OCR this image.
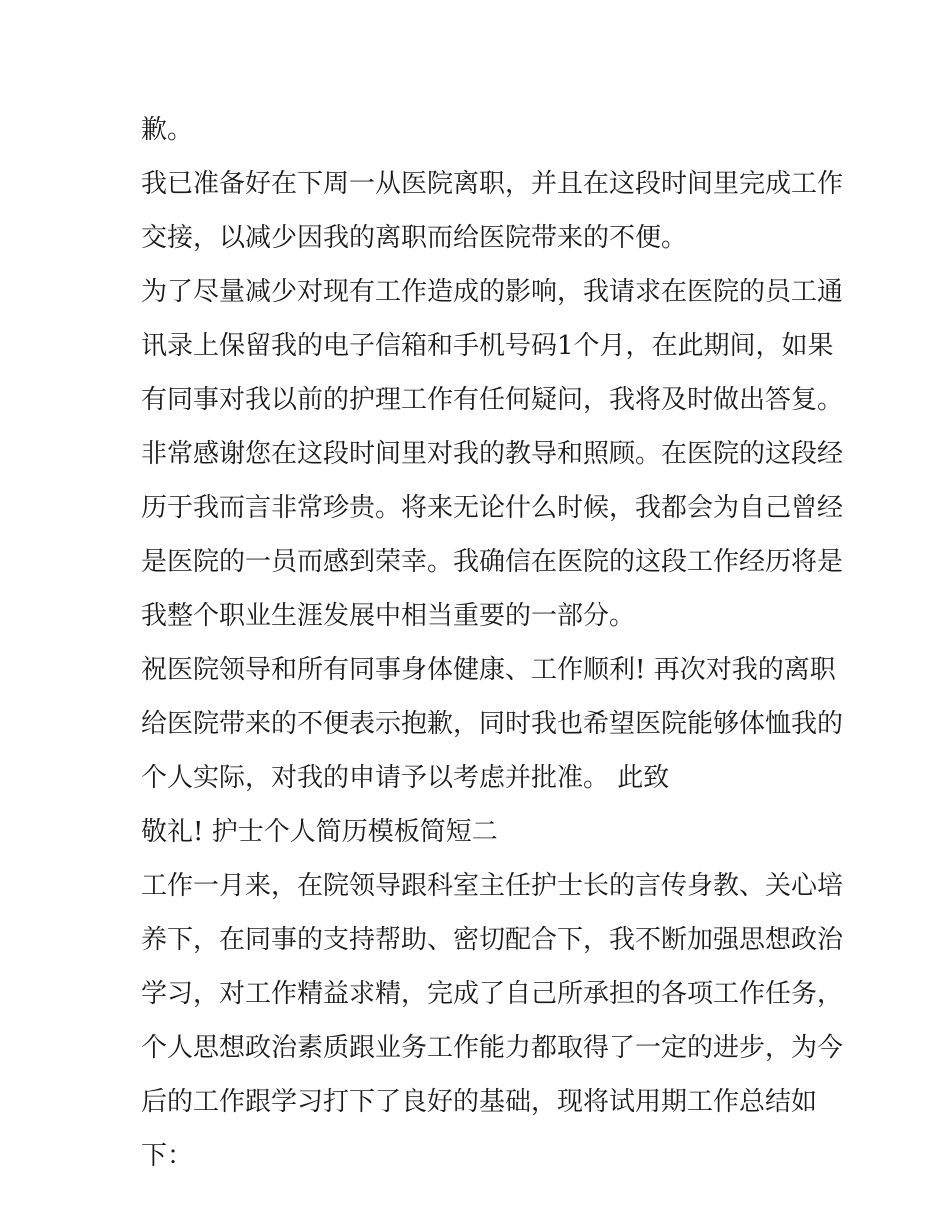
歉。
我已准备好在下周一从医院离职，并且在这段时间里完成工作
交接，以减少因我的离职而给医院带来的不便。
为了尽量减少对现有工作造成的影响，我请求在医院的员工通
讯录上保留我的电子信箱和手机号码1个月，在此期间，如果
有同事对我以前的护理工作有任何疑问，我将及时做出答复。
非常感谢您在这段时间里对我的教导和照顾。在医院的这段经
历于我而言非常珍贵。将来无论什么时候，我都会为自己曾经
是医院的一员而感到荣幸。我确信在医院的这段工作经历将是
我整个职业生涯发展中相当重要的一部分。
祝医院领导和所有同事身体健康、工作顺利! 再次对我的离职
给医院带来的不便表示抱歉，同时我也希望医院能够体恤我的
个人实际，对我的申请予以考虑并批准。 此致
敬礼! 护士个人简历模板简短二
工作一月来，在院领导跟科室主任护士长的言传身教、关心培
养下，在同事的支持帮助、密切配合下，我不断加强思想政治
学习，对工作精益求精，完成了自己所承担的各项工作任务，
个人思想政治素质跟业务工作能力都取得了一定的进步，为今
后的工作跟学习打下了良好的基础，现将试用期工作总结如
下：
